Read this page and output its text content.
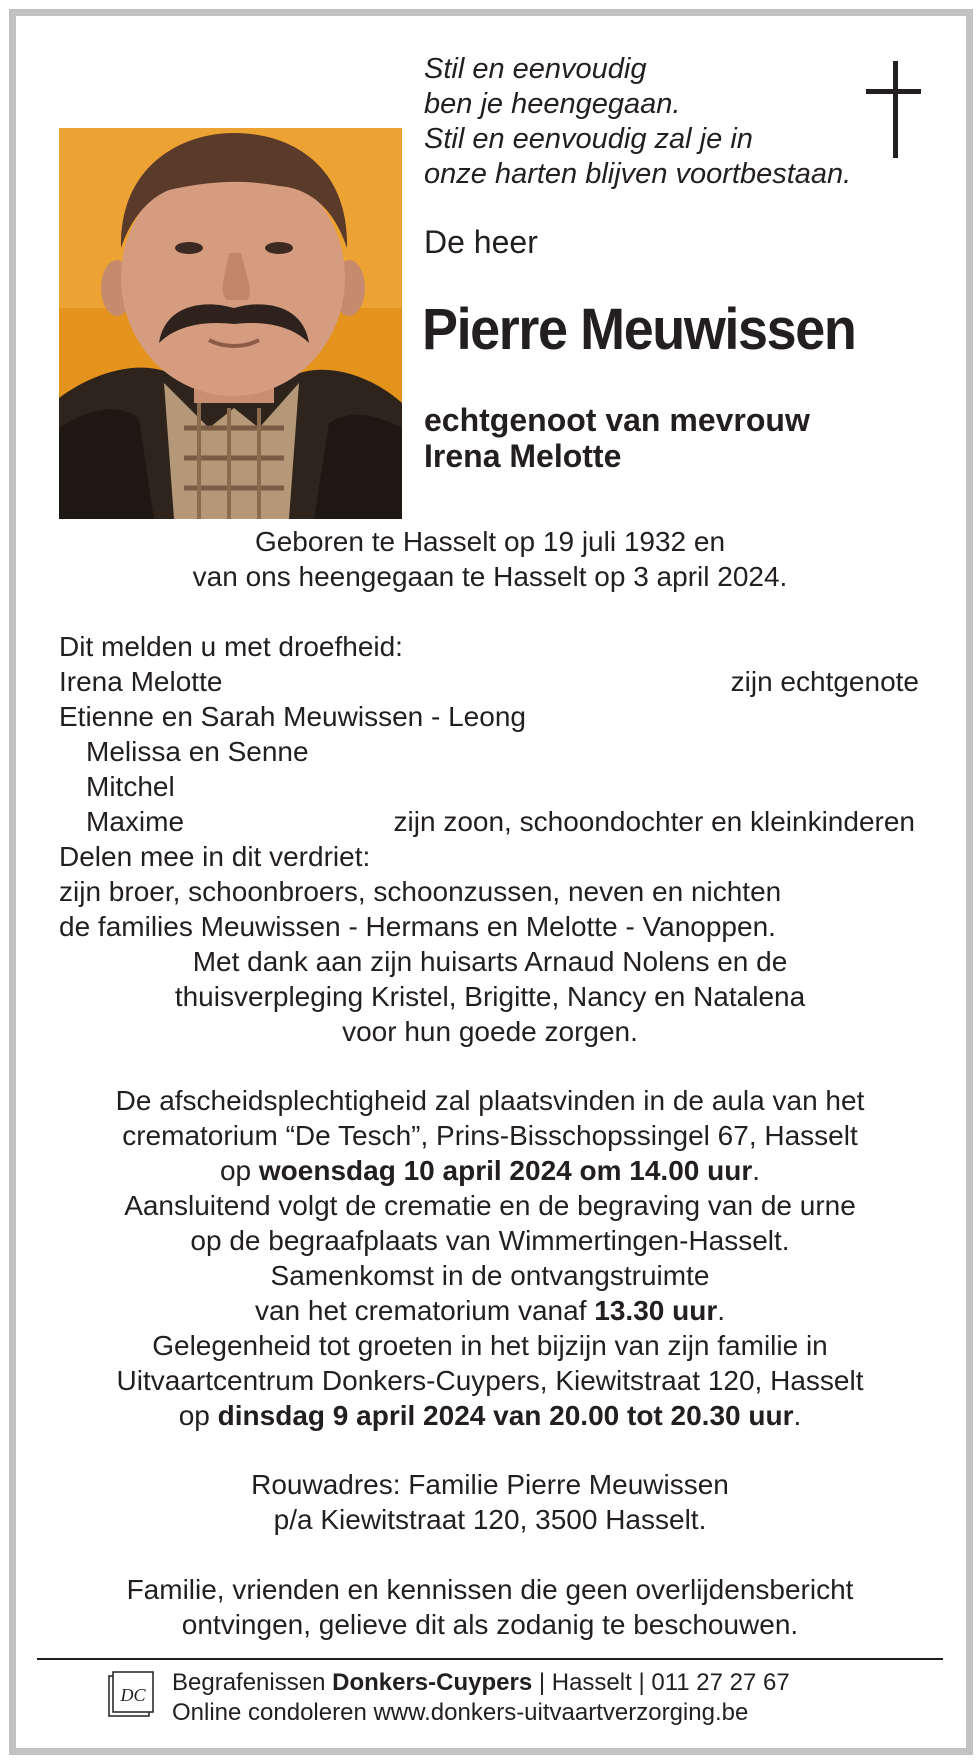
Stil en eenvoudig
ben je heengegaan.
Stil en eenvoudig zal je in
onze harten blijven voortbestaan.
De heer
Pierre Meuwissen
echtgenoot van mevrouw
Irena Melotte
Geboren te Hasselt op 19 juli 1932 en
van ons heengegaan te Hasselt op 3 april 2024.
Dit melden u met droefheid:
Irena Melotte	zijn echtgenote
Etienne en Sarah Meuwissen - Leong
Melissa en Senne
Mitchel
Maxime	zijn zoon, schoondochter en kleinkinderen
Delen mee in dit verdriet:
zijn broer, schoonbroers, schoonzussen, neven en nichten
de families Meuwissen - Hermans en Melotte - Vanoppen.
Met dank aan zijn huisarts Arnaud Nolens en de
thuisverpleging Kristel, Brigitte, Nancy en Natalena
voor hun goede zorgen.
De afscheidsplechtigheid zal plaatsvinden in de aula van het
crematorium “De Tesch”, Prins-Bisschopssingel 67, Hasselt
op woensdag 10 april 2024 om 14.00 uur.
Aansluitend volgt de crematie en de begraving van de urne
op de begraafplaats van Wimmertingen-Hasselt.
Samenkomst in de ontvangstruimte
van het crematorium vanaf 13.30 uur.
Gelegenheid tot groeten in het bijzijn van zijn familie in
Uitvaartcentrum Donkers-Cuypers, Kiewitstraat 120, Hasselt
op dinsdag 9 april 2024 van 20.00 tot 20.30 uur.
Rouwadres: Familie Pierre Meuwissen
p/a Kiewitstraat 120, 3500 Hasselt.
Familie, vrienden en kennissen die geen overlijdensbericht
ontvingen, gelieve dit als zodanig te beschouwen.
DC Begrafenissen Donkers-Cuypers | Hasselt | 011 27 27 67
Online condoleren www.donkers-uitvaartverzorging.be
